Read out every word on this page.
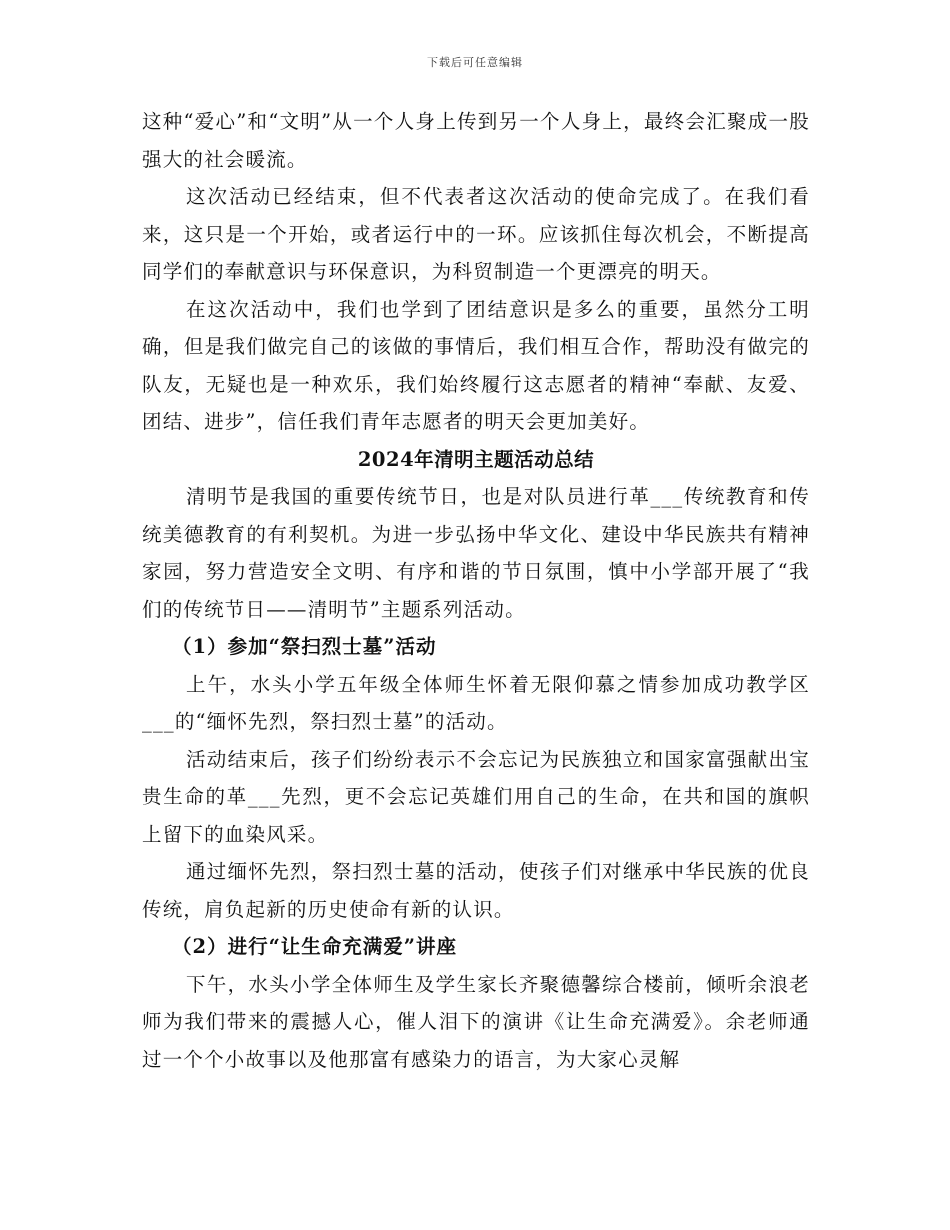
下载后可任意编辑

这种“爱心”和“文明”从一个人身上传到另一个人身上，最终会汇聚成一股强大的社会暖流。

这次活动已经结束，但不代表者这次活动的使命完成了。在我们看来，这只是一个开始，或者运行中的一环。应该抓住每次机会，不断提高同学们的奉献意识与环保意识，为科贸制造一个更漂亮的明天。

在这次活动中，我们也学到了团结意识是多么的重要，虽然分工明确，但是我们做完自己的该做的事情后，我们相互合作，帮助没有做完的队友，无疑也是一种欢乐，我们始终履行这志愿者的精神“奉献、友爱、团结、进步”，信任我们青年志愿者的明天会更加美好。

2024年清明主题活动总结

清明节是我国的重要传统节日，也是对队员进行革___传统教育和传统美德教育的有利契机。为进一步弘扬中华文化、建设中华民族共有精神家园，努力营造安全文明、有序和谐的节日氛围，慎中小学部开展了“我们的传统节日——清明节”主题系列活动。

（1）参加“祭扫烈士墓”活动

上午，水头小学五年级全体师生怀着无限仰慕之情参加成功教学区___的“缅怀先烈，祭扫烈士墓”的活动。

活动结束后，孩子们纷纷表示不会忘记为民族独立和国家富强献出宝贵生命的革___先烈，更不会忘记英雄们用自己的生命，在共和国的旗帜上留下的血染风采。

通过缅怀先烈，祭扫烈士墓的活动，使孩子们对继承中华民族的优良传统，肩负起新的历史使命有新的认识。

（2）进行“让生命充满爱”讲座

下午，水头小学全体师生及学生家长齐聚德馨综合楼前，倾听余浪老师为我们带来的震撼人心，催人泪下的演讲《让生命充满爱》。余老师通过一个个小故事以及他那富有感染力的语言，为大家心灵解
